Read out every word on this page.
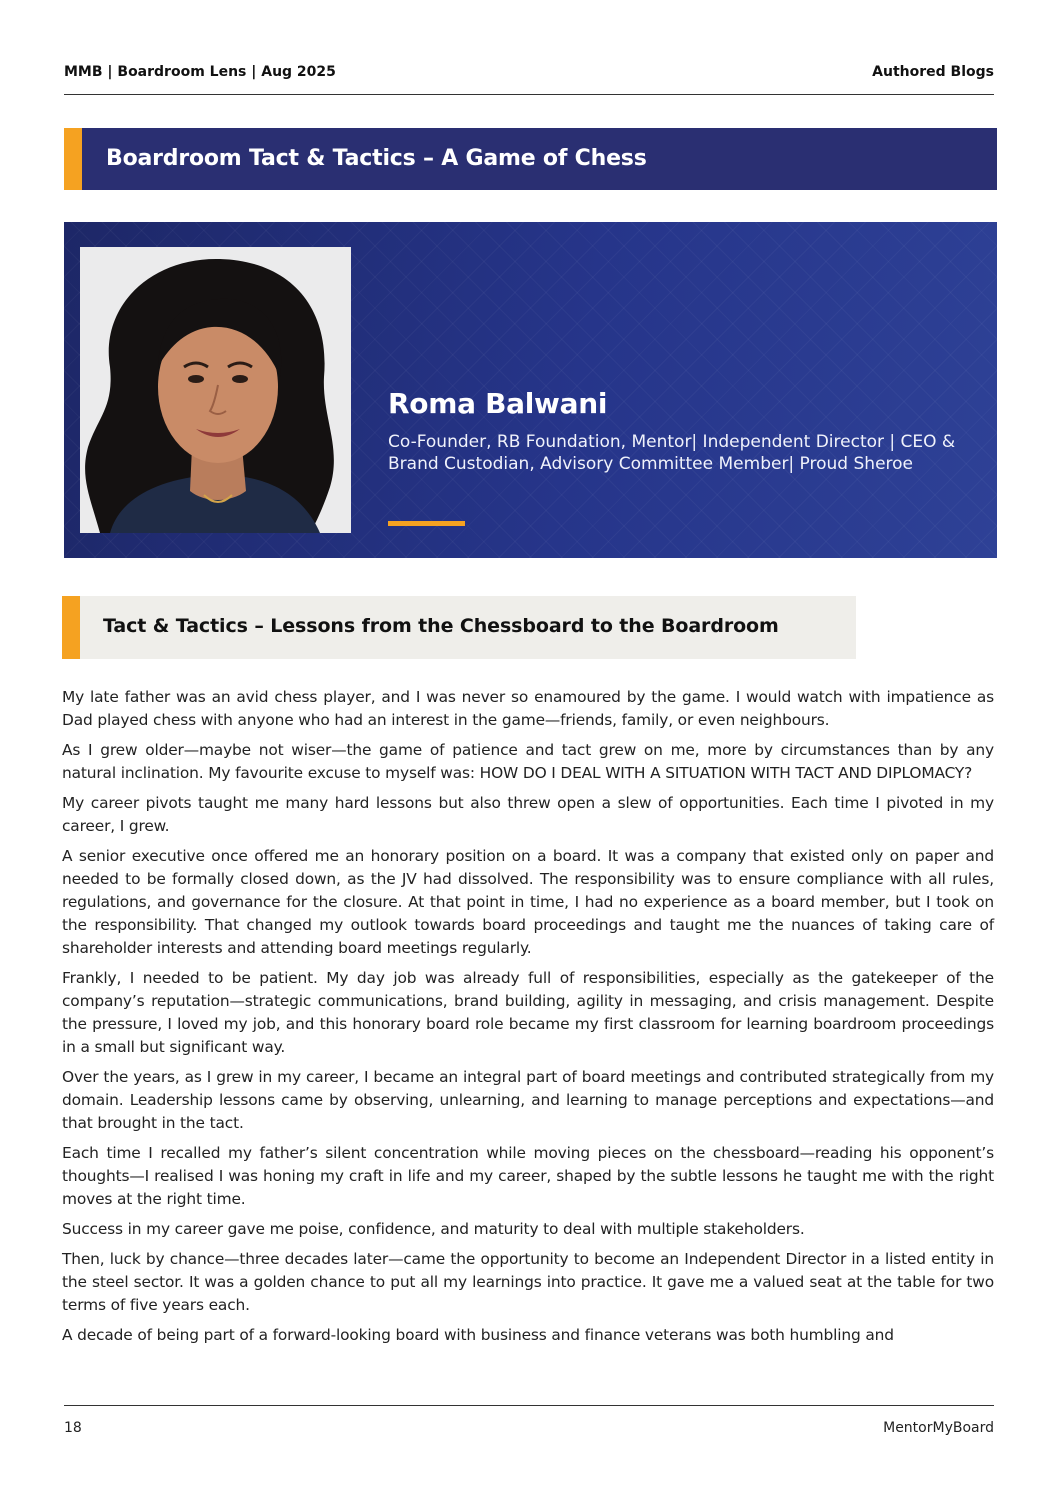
MMB | Boardroom Lens | Aug 2025	Authored Blogs
Boardroom Tact & Tactics – A Game of Chess
Roma Balwani
Co-Founder, RB Foundation, Mentor| Independent Director | CEO & Brand Custodian, Advisory Committee Member| Proud Sheroe
Tact & Tactics – Lessons from the Chessboard to the Boardroom

My late father was an avid chess player, and I was never so enamoured by the game. I would watch with impatience as Dad played chess with anyone who had an interest in the game—friends, family, or even neighbours.

As I grew older—maybe not wiser—the game of patience and tact grew on me, more by circumstances than by any natural inclination. My favourite excuse to myself was: HOW DO I DEAL WITH A SITUATION WITH TACT AND DIPLOMACY?

My career pivots taught me many hard lessons but also threw open a slew of opportunities. Each time I pivoted in my career, I grew.

A senior executive once offered me an honorary position on a board. It was a company that existed only on paper and needed to be formally closed down, as the JV had dissolved. The responsibility was to ensure compliance with all rules, regulations, and governance for the closure. At that point in time, I had no experience as a board member, but I took on the responsibility. That changed my outlook towards board proceedings and taught me the nuances of taking care of shareholder interests and attending board meetings regularly.

Frankly, I needed to be patient. My day job was already full of responsibilities, especially as the gatekeeper of the company’s reputation—strategic communications, brand building, agility in messaging, and crisis management. Despite the pressure, I loved my job, and this honorary board role became my first classroom for learning boardroom proceedings in a small but significant way.

Over the years, as I grew in my career, I became an integral part of board meetings and contributed strategically from my domain. Leadership lessons came by observing, unlearning, and learning to manage perceptions and expectations—and that brought in the tact.

Each time I recalled my father’s silent concentration while moving pieces on the chessboard—reading his opponent’s thoughts—I realised I was honing my craft in life and my career, shaped by the subtle lessons he taught me with the right moves at the right time.

Success in my career gave me poise, confidence, and maturity to deal with multiple stakeholders.

Then, luck by chance—three decades later—came the opportunity to become an Independent Director in a listed entity in the steel sector. It was a golden chance to put all my learnings into practice. It gave me a valued seat at the table for two terms of five years each.

A decade of being part of a forward-looking board with business and finance veterans was both humbling and

18	MentorMyBoard
